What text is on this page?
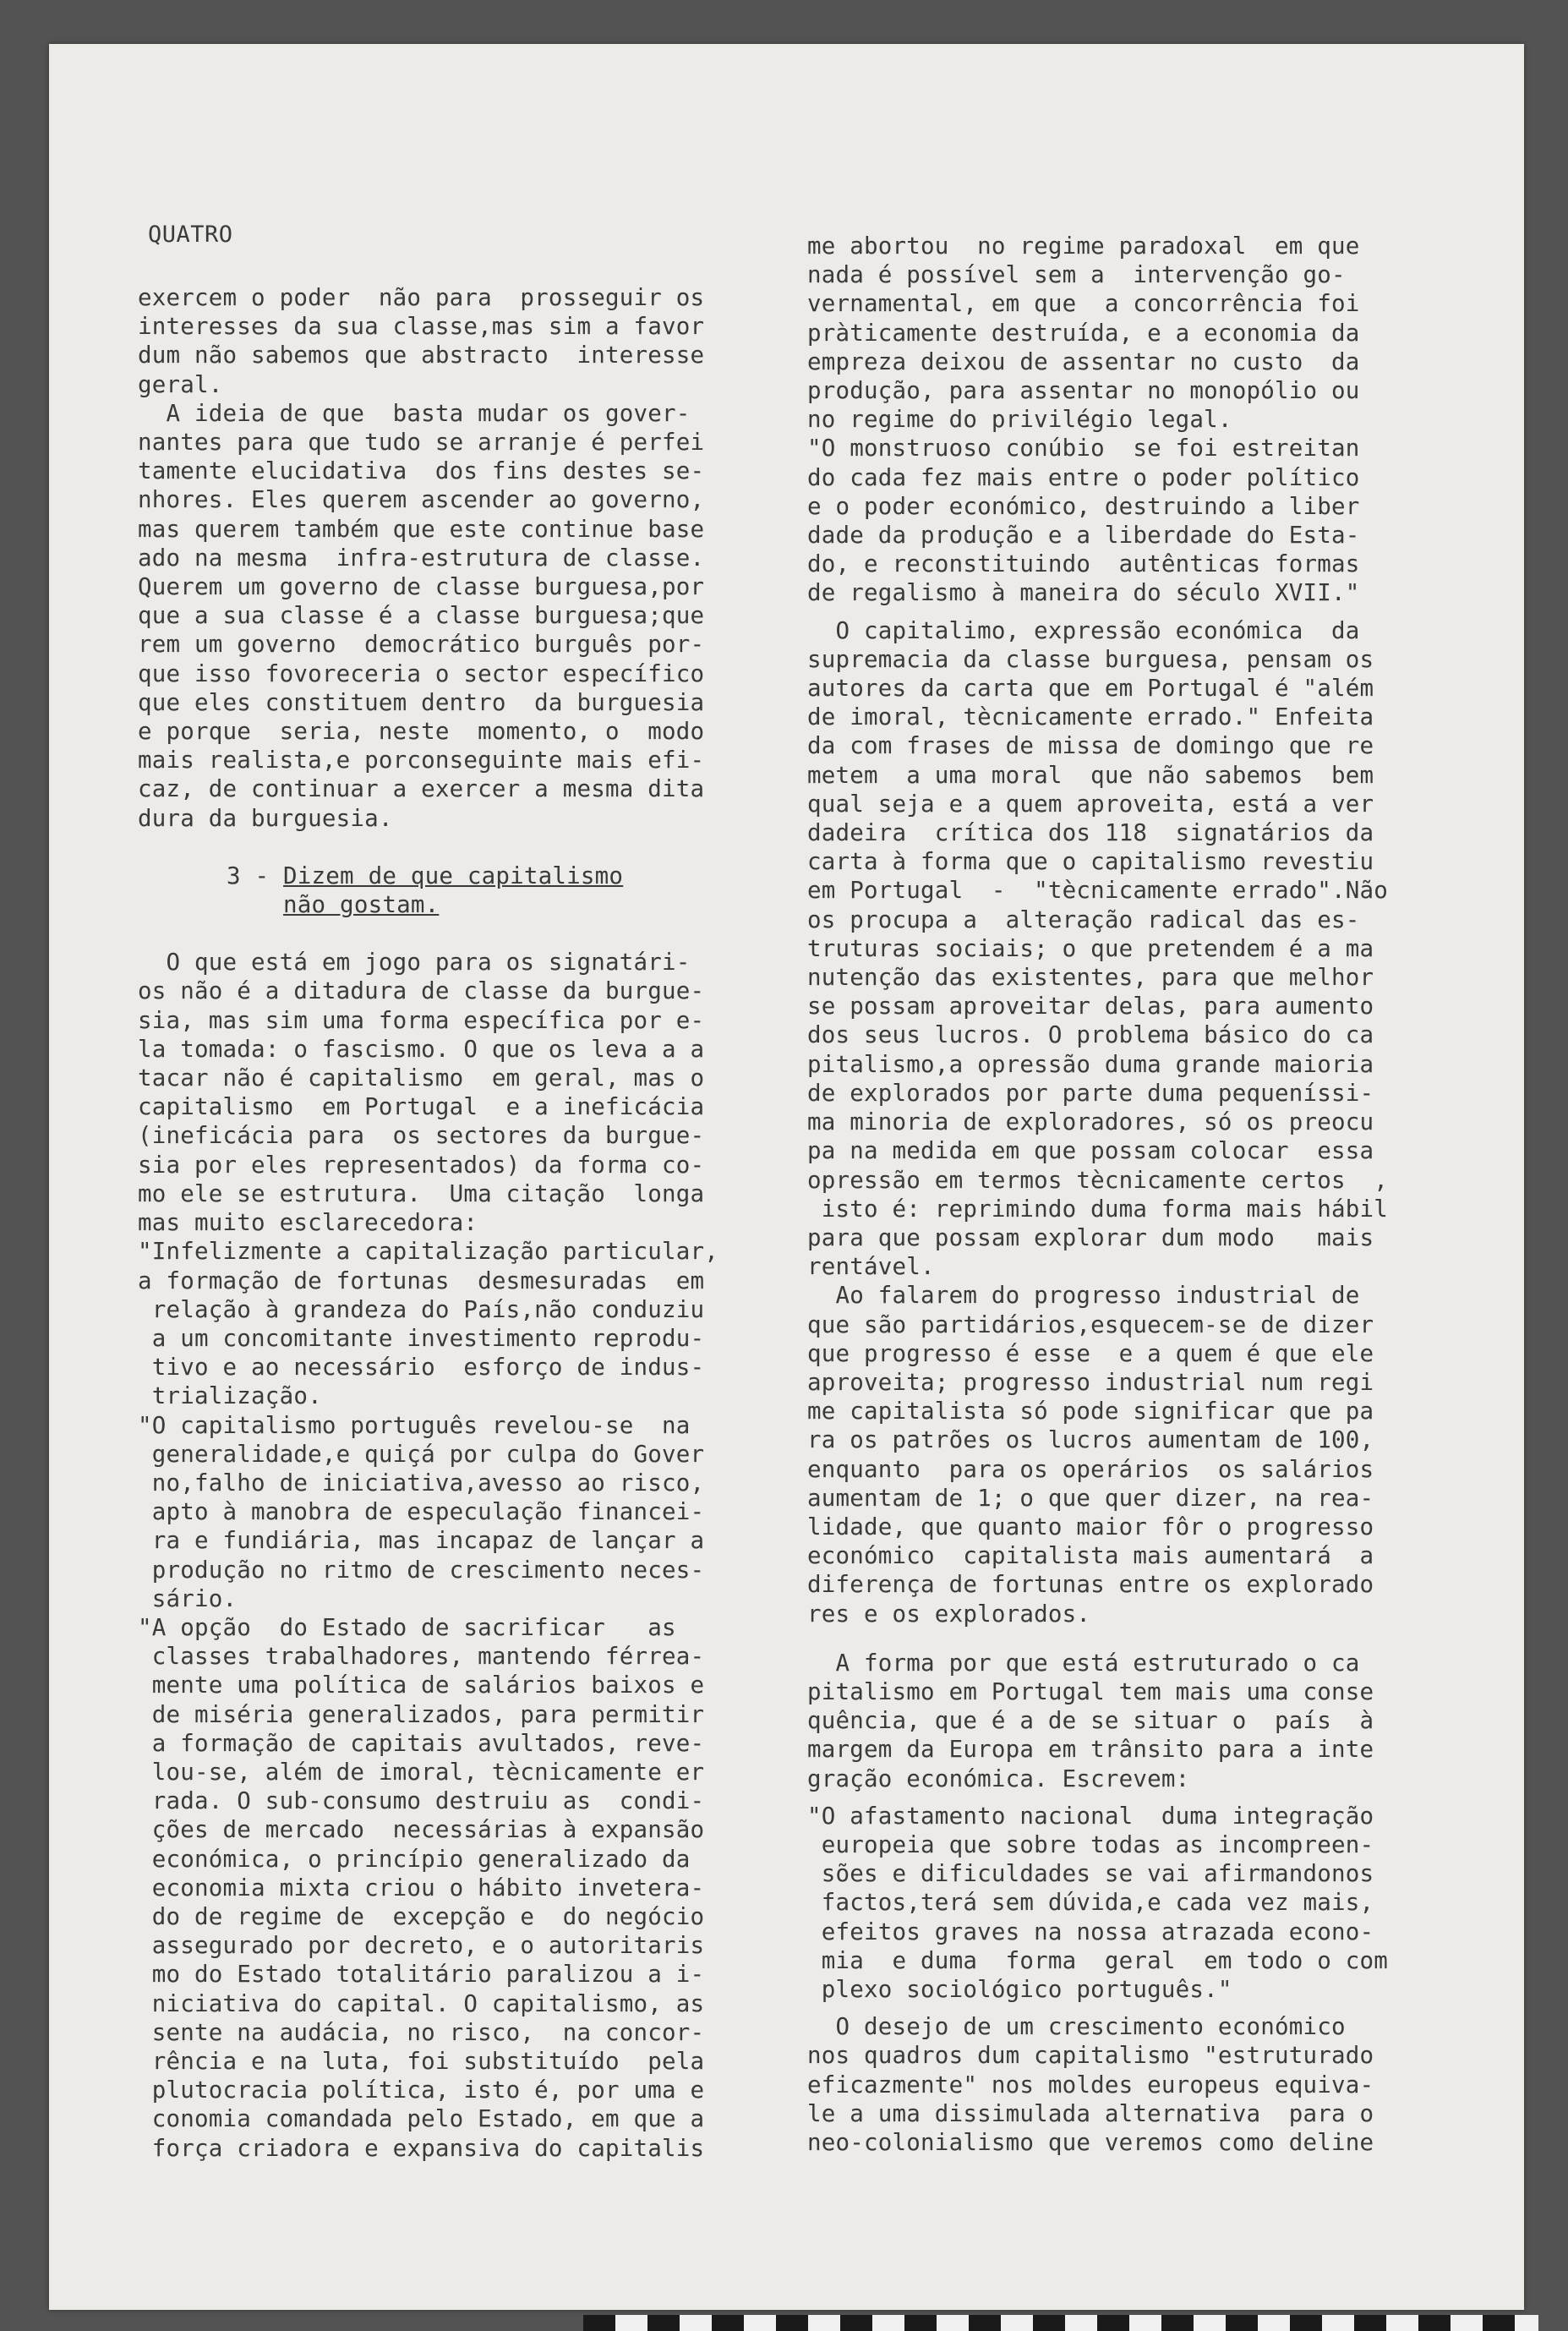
QUATRO
exercem o poder  não para  prosseguir os
interesses da sua classe,mas sim a favor
dum não sabemos que abstracto  interesse
geral.
A ideia de que  basta mudar os gover-
nantes para que tudo se arranje é perfei
tamente elucidativa  dos fins destes se-
nhores. Eles querem ascender ao governo,
mas querem também que este continue base
ado na mesma  infra-estrutura de classe.
Querem um governo de classe burguesa,por
que a sua classe é a classe burguesa;que
rem um governo  democrático burguês por-
que isso fovoreceria o sector específico
que eles constituem dentro  da burguesia
e porque  seria, neste  momento, o  modo
mais realista,e porconseguinte mais efi-
caz, de continuar a exercer a mesma dita
dura da burguesia.
3 - Dizem de que capitalismo
não gostam.
O que está em jogo para os signatári-
os não é a ditadura de classe da burgue-
sia, mas sim uma forma específica por e-
la tomada: o fascismo. O que os leva a a
tacar não é capitalismo  em geral, mas o
capitalismo  em Portugal  e a ineficácia
(ineficácia para  os sectores da burgue-
sia por eles representados) da forma co-
mo ele se estrutura.  Uma citação  longa
mas muito esclarecedora:
"Infelizmente a capitalização particular,
a formação de fortunas  desmesuradas  em
relação à grandeza do País,não conduziu
a um concomitante investimento reprodu-
tivo e ao necessário  esforço de indus-
trialização.
"O capitalismo português revelou-se  na
generalidade,e quiçá por culpa do Gover
no,falho de iniciativa,avesso ao risco,
apto à manobra de especulação financei-
ra e fundiária, mas incapaz de lançar a
produção no ritmo de crescimento neces-
sário.
"A opção  do Estado de sacrificar   as
classes trabalhadores, mantendo férrea-
mente uma política de salários baixos e
de miséria generalizados, para permitir
a formação de capitais avultados, reve-
lou-se, além de imoral, tècnicamente er
rada. O sub-consumo destruiu as  condi-
ções de mercado  necessárias à expansão
económica, o princípio generalizado da
economia mixta criou o hábito invetera-
do de regime de  excepção e  do negócio
assegurado por decreto, e o autoritaris
mo do Estado totalitário paralizou a i-
niciativa do capital. O capitalismo, as
sente na audácia, no risco,  na concor-
rência e na luta, foi substituído  pela
plutocracia política, isto é, por uma e
conomia comandada pelo Estado, em que a
força criadora e expansiva do capitalis
me abortou  no regime paradoxal  em que
nada é possível sem a  intervenção go-
vernamental, em que  a concorrência foi
pràticamente destruída, e a economia da
empreza deixou de assentar no custo  da
produção, para assentar no monopólio ou
no regime do privilégio legal.
"O monstruoso conúbio  se foi estreitan
do cada fez mais entre o poder político
e o poder económico, destruindo a liber
dade da produção e a liberdade do Esta-
do, e reconstituindo  autênticas formas
de regalismo à maneira do século XVII."
O capitalimo, expressão económica  da
supremacia da classe burguesa, pensam os
autores da carta que em Portugal é "além
de imoral, tècnicamente errado." Enfeita
da com frases de missa de domingo que re
metem  a uma moral  que não sabemos  bem
qual seja e a quem aproveita, está a ver
dadeira  crítica dos 118  signatários da
carta à forma que o capitalismo revestiu
em Portugal  -  "tècnicamente errado".Não
os procupa a  alteração radical das es-
truturas sociais; o que pretendem é a ma
nutenção das existentes, para que melhor
se possam aproveitar delas, para aumento
dos seus lucros. O problema básico do ca
pitalismo,a opressão duma grande maioria
de explorados por parte duma pequeníssi-
ma minoria de exploradores, só os preocu
pa na medida em que possam colocar  essa
opressão em termos tècnicamente certos  ,
isto é: reprimindo duma forma mais hábil
para que possam explorar dum modo   mais
rentável.
Ao falarem do progresso industrial de
que são partidários,esquecem-se de dizer
que progresso é esse  e a quem é que ele
aproveita; progresso industrial num regi
me capitalista só pode significar que pa
ra os patrões os lucros aumentam de 100,
enquanto  para os operários  os salários
aumentam de 1; o que quer dizer, na rea-
lidade, que quanto maior fôr o progresso
económico  capitalista mais aumentará  a
diferença de fortunas entre os explorado
res e os explorados.
A forma por que está estruturado o ca
pitalismo em Portugal tem mais uma conse
quência, que é a de se situar o  país  à
margem da Europa em trânsito para a inte
gração económica. Escrevem:
"O afastamento nacional  duma integração
europeia que sobre todas as incompreen-
sões e dificuldades se vai afirmandonos
factos,terá sem dúvida,e cada vez mais,
efeitos graves na nossa atrazada econo-
mia  e duma  forma  geral  em todo o com
plexo sociológico português."
O desejo de um crescimento económico
nos quadros dum capitalismo "estruturado
eficazmente" nos moldes europeus equiva-
le a uma dissimulada alternativa  para o
neo-colonialismo que veremos como deline
